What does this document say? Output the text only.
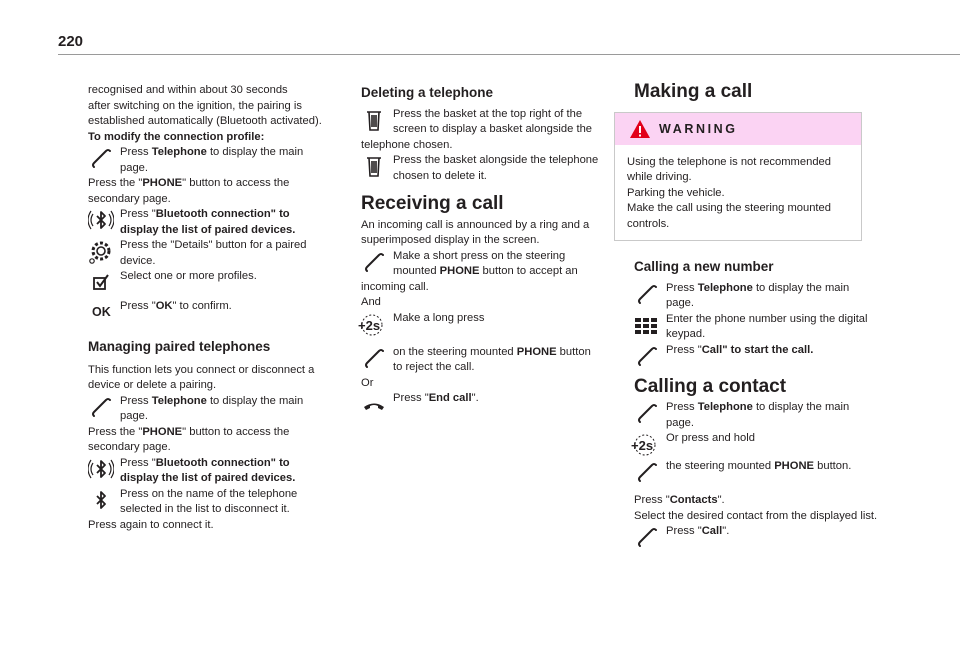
220

recognised and within about 30 seconds
after switching on the ignition, the pairing is
established automatically (Bluetooth activated).

To modify the connection profile:

Press Telephone to display the main
page.

Press the "PHONE" button to access the
secondary page.

Press "Bluetooth connection" to
display the list of paired devices.
Press the "Details" button for a paired
device.
Select one or more profiles.
OK Press "OK" to confirm.

Managing paired telephones

This function lets you connect or disconnect a
device or delete a pairing.

Press Telephone to display the main
page.

Press the "PHONE" button to access the
secondary page.

Press "Bluetooth connection" to
display the list of paired devices.
Press on the name of the telephone
selected in the list to disconnect it.

Press again to connect it.

Deleting a telephone

Press the basket at the top right of the
screen to display a basket alongside the

telephone chosen.

Press the basket alongside the telephone
chosen to delete it.

Receiving a call

An incoming call is announced by a ring and a
superimposed display in the screen.

Make a short press on the steering
mounted PHONE button to accept an

incoming call.

And

Make a long press
on the steering mounted PHONE button
to reject the call.

Or

Press "End call".

Making a call

WARNING
Using the telephone is not recommended
while driving.
Parking the vehicle.
Make the call using the steering mounted
controls.

Calling a new number

Press Telephone to display the main
page.
Enter the phone number using the digital
keypad.
Press "Call" to start the call.

Calling a contact

Press Telephone to display the main
page.
Or press and hold
the steering mounted PHONE button.

Press "Contacts".

Select the desired contact from the displayed list.

Press "Call".
